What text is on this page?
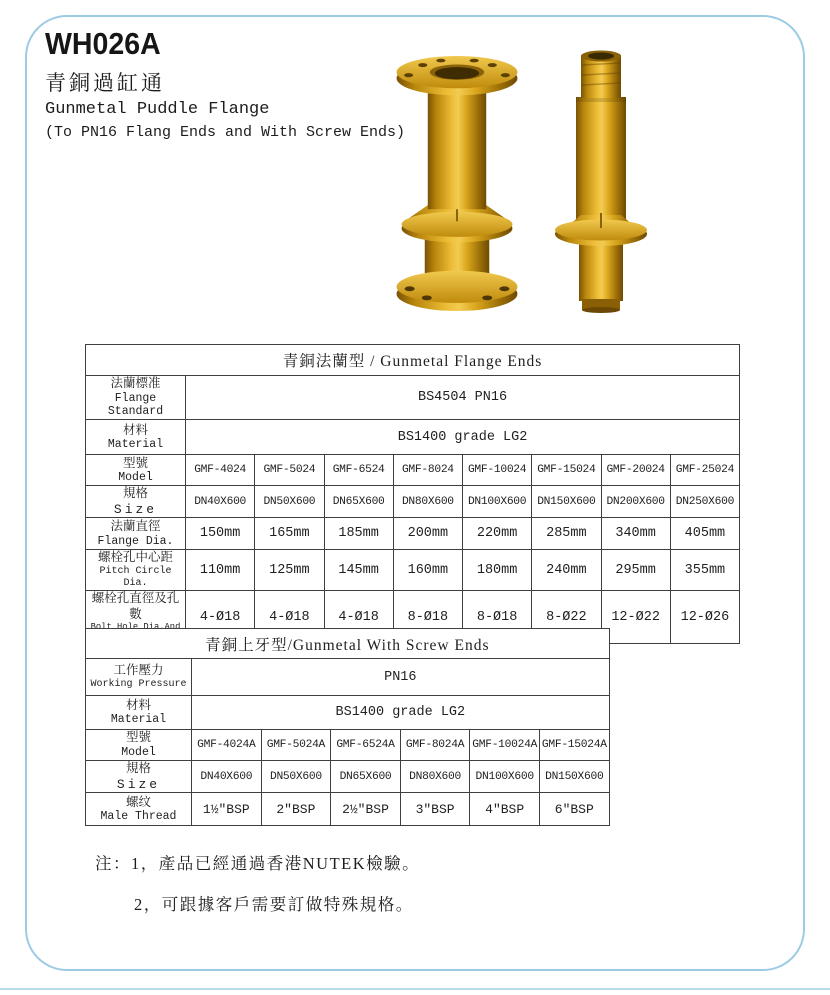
WH026A
青銅過缸通
Gunmetal Puddle Flange
(To PN16 Flang Ends and With Screw Ends)
青銅法蘭型 / Gunmetal Flange Ends								

法蘭標准
Flange Standard	BS4504 PN16							

材料
Material	BS1400 grade LG2							

型號
Model	GMF-4024	GMF-5024	GMF-6524	GMF-8024	GMF-10024	GMF-15024	GMF-20024	GMF-25024

規格
Size	DN40X600	DN50X600	DN65X600	DN80X600	DN100X600	DN150X600	DN200X600	DN250X600

法蘭直徑
Flange Dia.	150mm	165mm	185mm	200mm	220mm	285mm	340mm	405mm

螺栓孔中心距
Pitch Circle Dia.	110mm	125mm	145mm	160mm	180mm	240mm	295mm	355mm

螺栓孔直徑及孔數	4-Ø18	4-Ø18	4-Ø18	8-Ø18	8-Ø18	8-Ø22	12-Ø22	12-Ø26
青銅上牙型/Gunmetal With Screw Ends						

工作壓力
Working Pressure	PN16					

材料
Material	BS1400 grade LG2					

型號
Model	GMF-4024A	GMF-5024A	GMF-6524A	GMF-8024A	GMF-10024A	GMF-15024A

規格
Size	DN40X600	DN50X600	DN65X600	DN80X600	DN100X600	DN150X600

螺纹
Male Thread	1½″BSP	2″BSP	2½″BSP	3″BSP	4″BSP	6″BSP
注：1，產品已經通過香港NUTEK檢驗。
2，可跟據客戶需要訂做特殊規格。
